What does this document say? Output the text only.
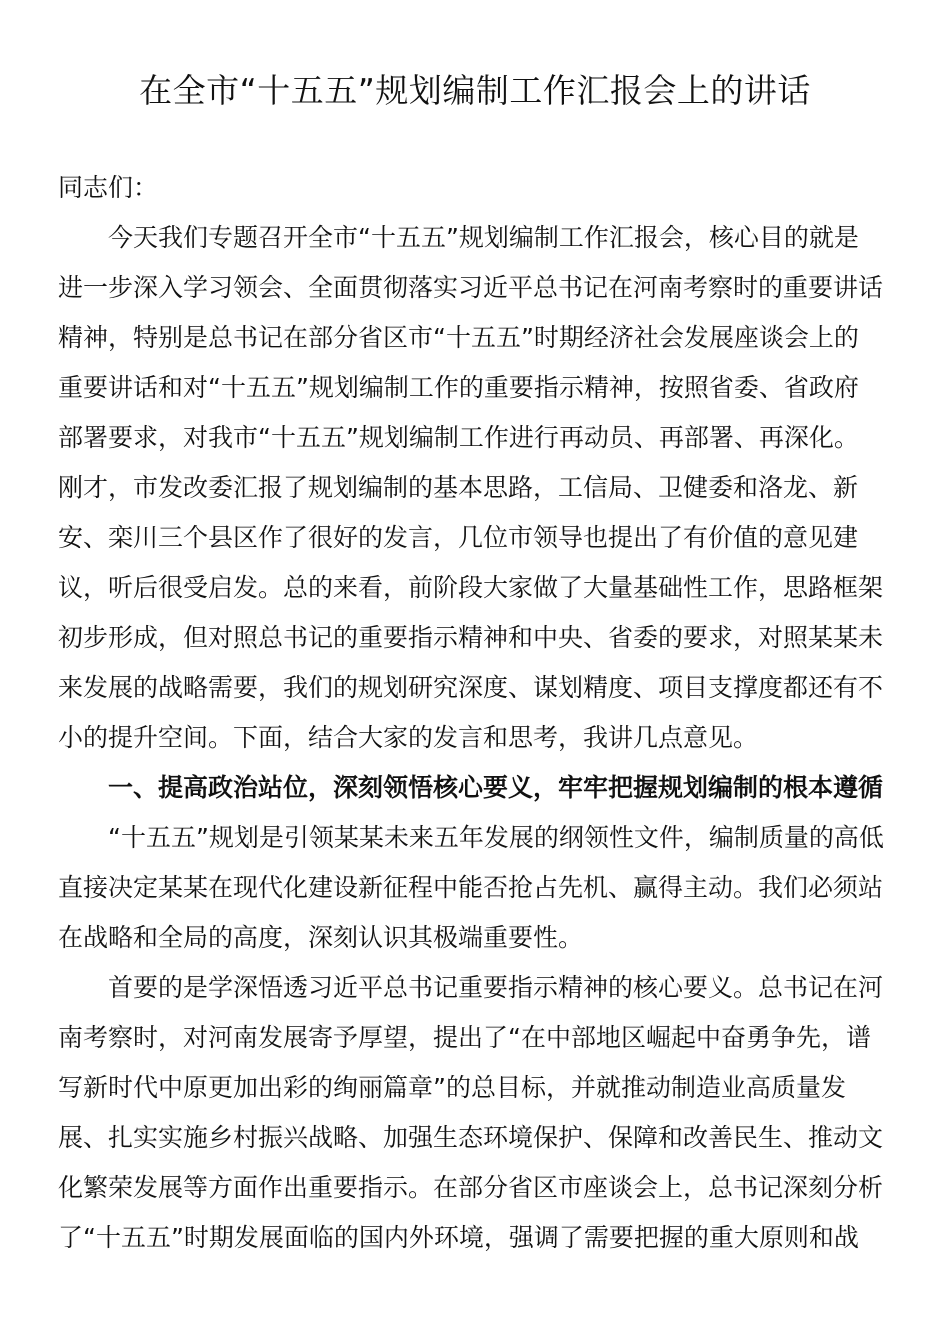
在全市“十五五”规划编制工作汇报会上的讲话
同志们：
今天我们专题召开全市“十五五”规划编制工作汇报会，核心目的就是
进一步深入学习领会、全面贯彻落实习近平总书记在河南考察时的重要讲话
精神，特别是总书记在部分省区市“十五五”时期经济社会发展座谈会上的
重要讲话和对“十五五”规划编制工作的重要指示精神，按照省委、省政府
部署要求，对我市“十五五”规划编制工作进行再动员、再部署、再深化。
刚才，市发改委汇报了规划编制的基本思路，工信局、卫健委和洛龙、新
安、栾川三个县区作了很好的发言，几位市领导也提出了有价值的意见建
议，听后很受启发。总的来看，前阶段大家做了大量基础性工作，思路框架
初步形成，但对照总书记的重要指示精神和中央、省委的要求，对照某某未
来发展的战略需要，我们的规划研究深度、谋划精度、项目支撑度都还有不
小的提升空间。下面，结合大家的发言和思考，我讲几点意见。
一、提高政治站位，深刻领悟核心要义，牢牢把握规划编制的根本遵循
“十五五”规划是引领某某未来五年发展的纲领性文件，编制质量的高低
直接决定某某在现代化建设新征程中能否抢占先机、赢得主动。我们必须站
在战略和全局的高度，深刻认识其极端重要性。
首要的是学深悟透习近平总书记重要指示精神的核心要义。总书记在河
南考察时，对河南发展寄予厚望，提出了“在中部地区崛起中奋勇争先，谱
写新时代中原更加出彩的绚丽篇章”的总目标，并就推动制造业高质量发
展、扎实实施乡村振兴战略、加强生态环境保护、保障和改善民生、推动文
化繁荣发展等方面作出重要指示。在部分省区市座谈会上，总书记深刻分析
了“十五五”时期发展面临的国内外环境，强调了需要把握的重大原则和战
